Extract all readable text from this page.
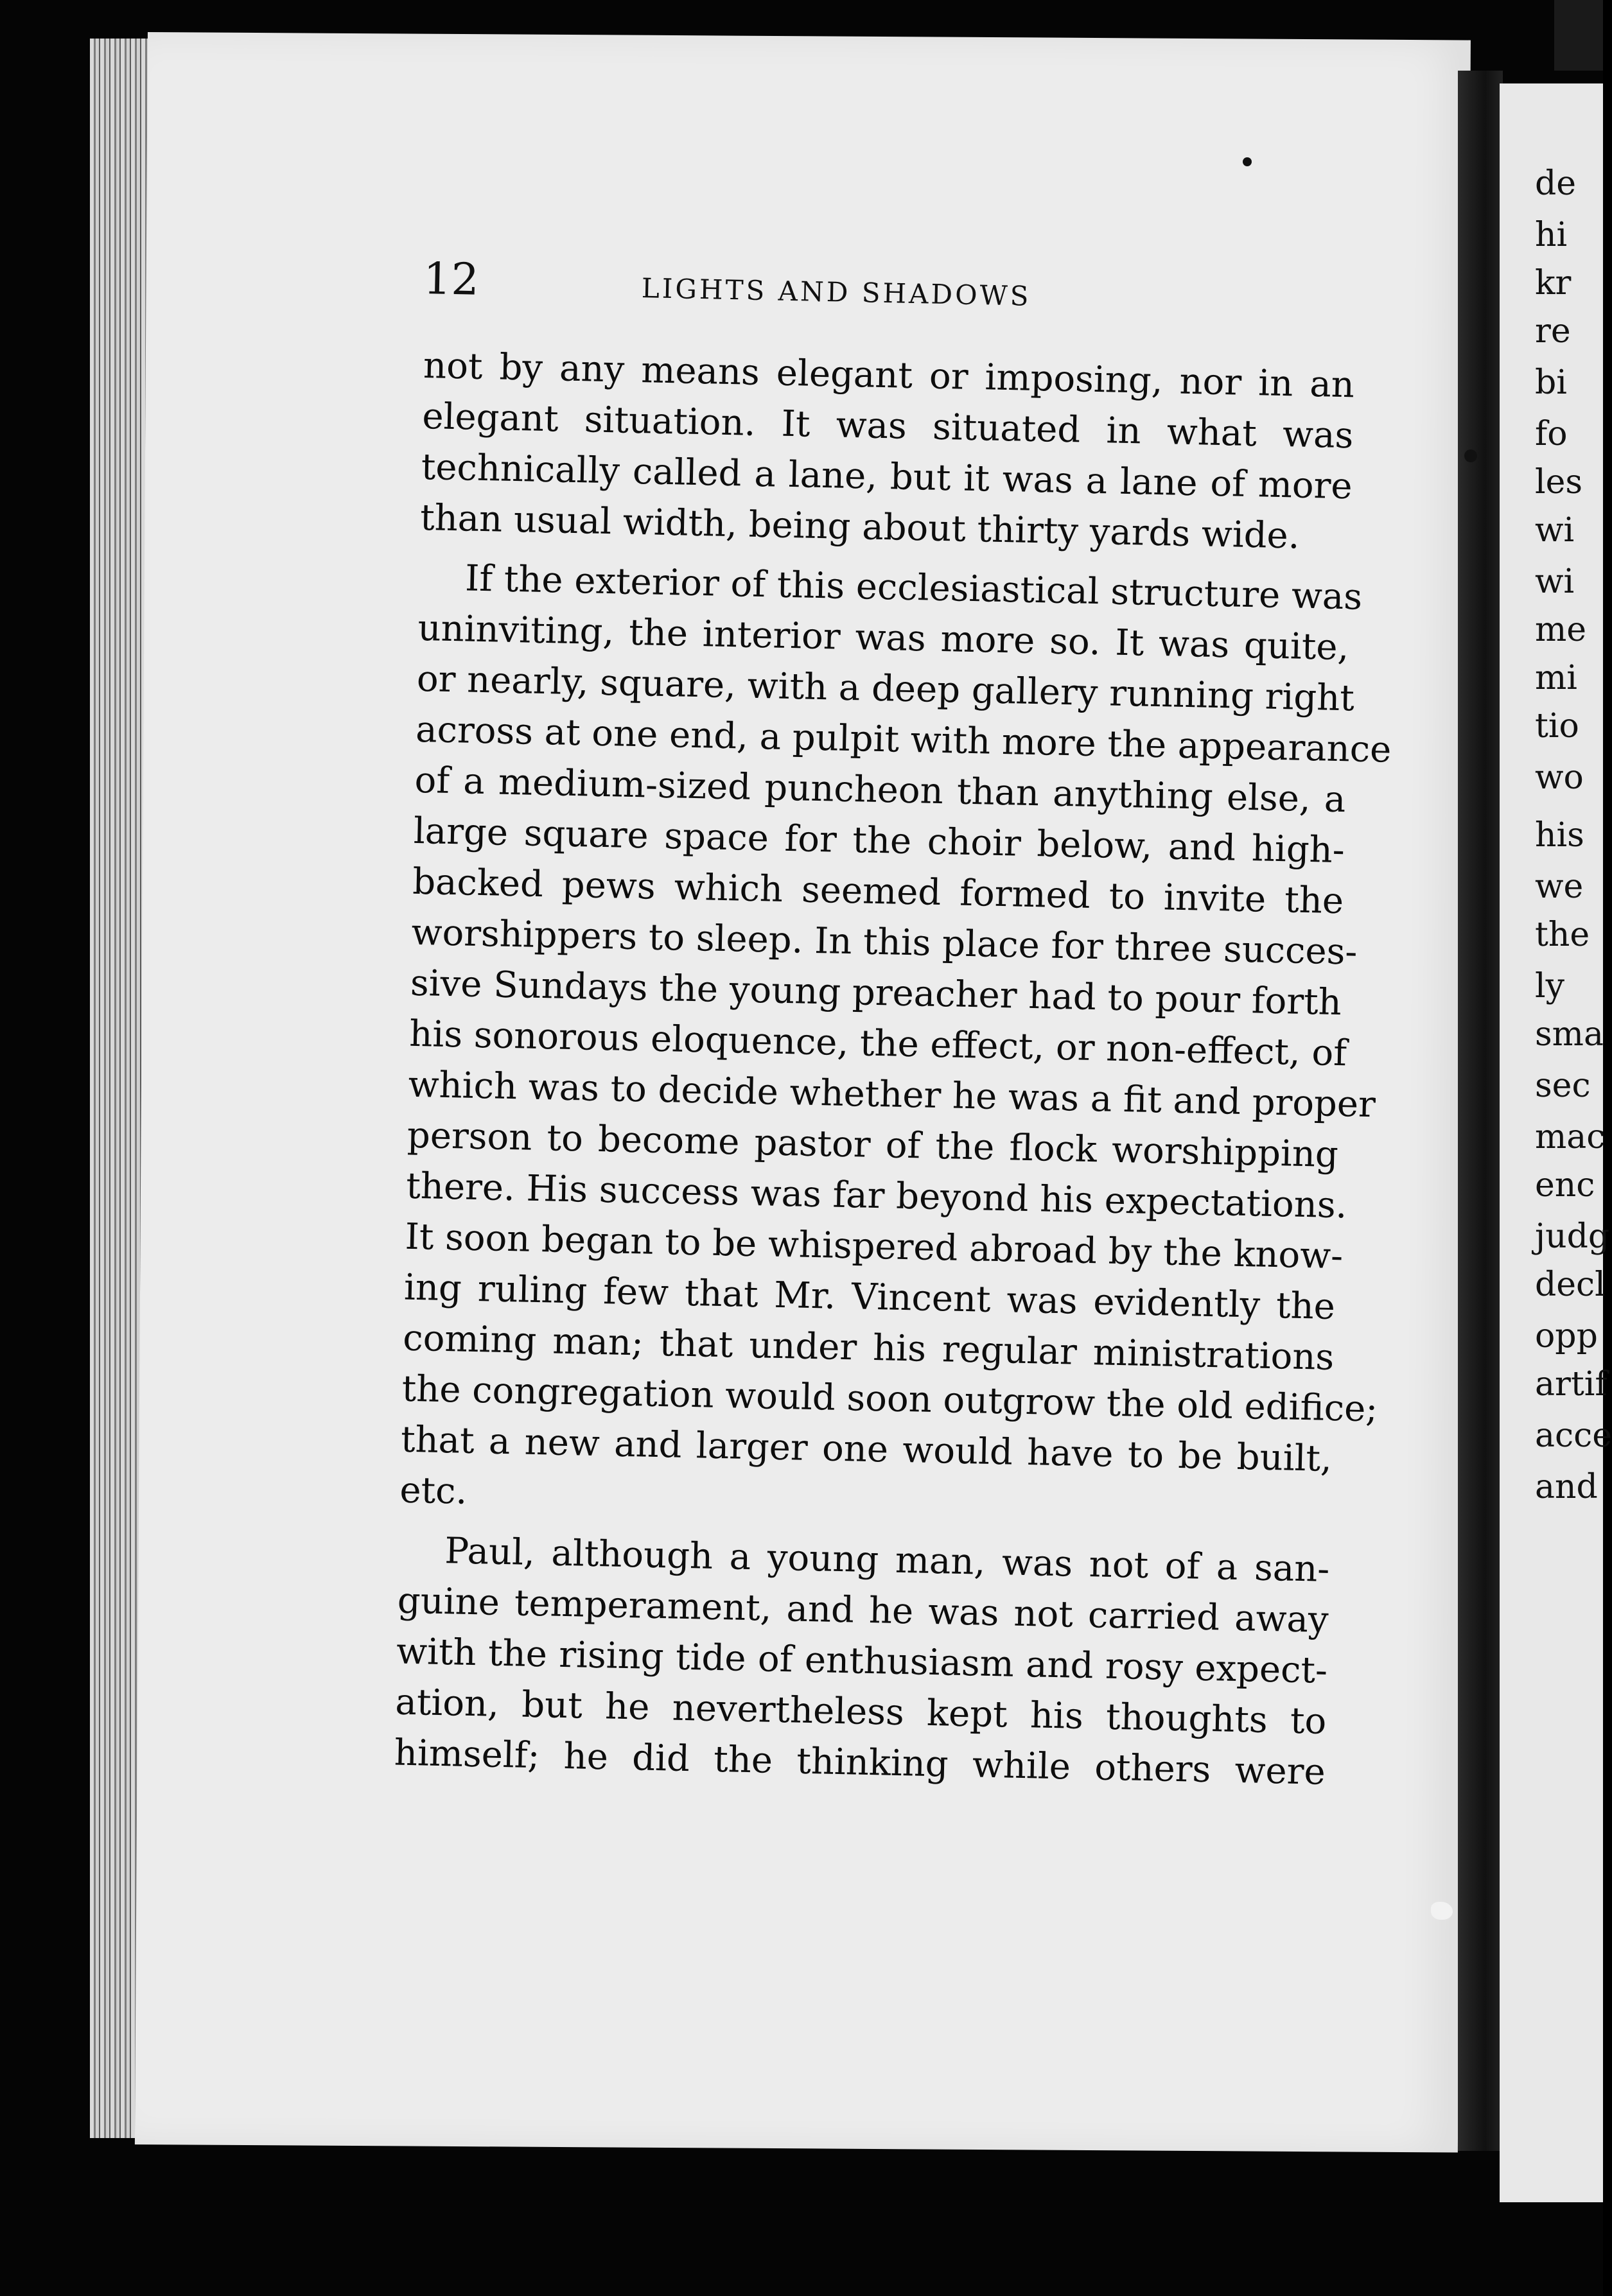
de
hi
kr
re
bi
fo
les
wi
wi
me
mi
tio
wo
his
we
the
ly
sma
sec
mac
enc
judg
decl
opp
artif
acce
and
12	LIGHTS AND SHADOWS
not by any means elegant or imposing, nor in an
elegant situation. It was situated in what was
technically called a lane, but it was a lane of more
than usual width, being about thirty yards wide.
If the exterior of this ecclesiastical structure was
uninviting, the interior was more so. It was quite,
or nearly, square, with a deep gallery running right
across at one end, a pulpit with more the appearance
of a medium-sized puncheon than anything else, a
large square space for the choir below, and high-
backed pews which seemed formed to invite the
worshippers to sleep. In this place for three succes-
sive Sundays the young preacher had to pour forth
his sonorous eloquence, the effect, or non-effect, of
which was to decide whether he was a fit and proper
person to become pastor of the flock worshipping
there. His success was far beyond his expectations.
It soon began to be whispered abroad by the know-
ing ruling few that Mr. Vincent was evidently the
coming man; that under his regular ministrations
the congregation would soon outgrow the old edifice;
that a new and larger one would have to be built,
etc.
Paul, although a young man, was not of a san-
guine temperament, and he was not carried away
with the rising tide of enthusiasm and rosy expect-
ation, but he nevertheless kept his thoughts to
himself; he did the thinking while others were
